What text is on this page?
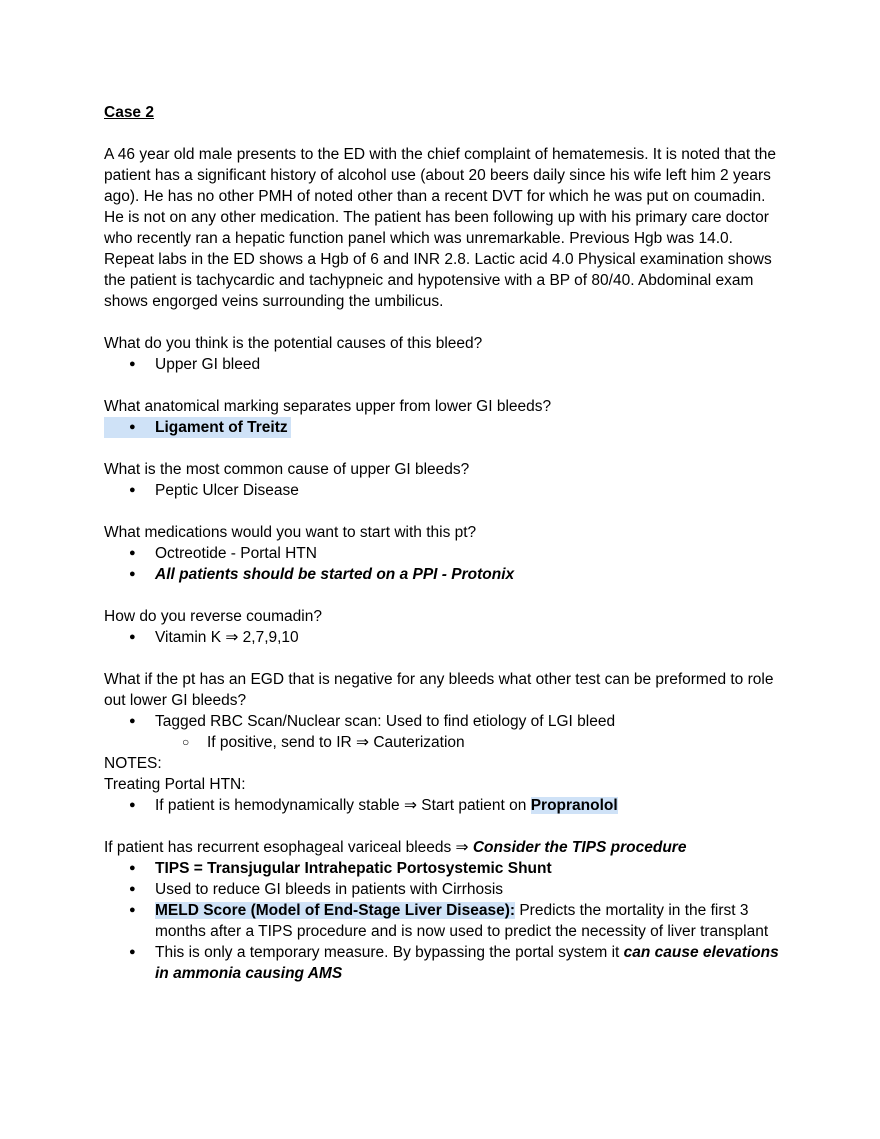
Case 2

A 46 year old male presents to the ED with the chief complaint of hematemesis. It is noted that the patient has a significant history of alcohol use (about 20 beers daily since his wife left him 2 years ago). He has no other PMH of noted other than a recent DVT for which he was put on coumadin. He is not on any other medication. The patient has been following up with his primary care doctor who recently ran a hepatic function panel which was unremarkable. Previous Hgb was 14.0. Repeat labs in the ED shows a Hgb of 6 and INR 2.8. Lactic acid 4.0 Physical examination shows the patient is tachycardic and tachypneic and hypotensive with a BP of 80/40. Abdominal exam shows engorged veins surrounding the umbilicus.

What do you think is the potential causes of this bleed?

● Upper GI bleed

What anatomical marking separates upper from lower GI bleeds?

● Ligament of Treitz

What is the most common cause of upper GI bleeds?

● Peptic Ulcer Disease

What medications would you want to start with this pt?

● Octreotide - Portal HTN
● All patients should be started on a PPI - Protonix

How do you reverse coumadin?

● Vitamin K ⇒ 2,7,9,10

What if the pt has an EGD that is negative for any bleeds what other test can be preformed to role out lower GI bleeds?

● Tagged RBC Scan/Nuclear scan: Used to find etiology of LGI bleed
○ If positive, send to IR ⇒ Cauterization

NOTES:

Treating Portal HTN:

● If patient is hemodynamically stable ⇒ Start patient on Propranolol

If patient has recurrent esophageal variceal bleeds ⇒ Consider the TIPS procedure

● TIPS = Transjugular Intrahepatic Portosystemic Shunt
● Used to reduce GI bleeds in patients with Cirrhosis
● MELD Score (Model of End-Stage Liver Disease): Predicts the mortality in the first 3 months after a TIPS procedure and is now used to predict the necessity of liver transplant
● This is only a temporary measure. By bypassing the portal system it can cause elevations in ammonia causing AMS
